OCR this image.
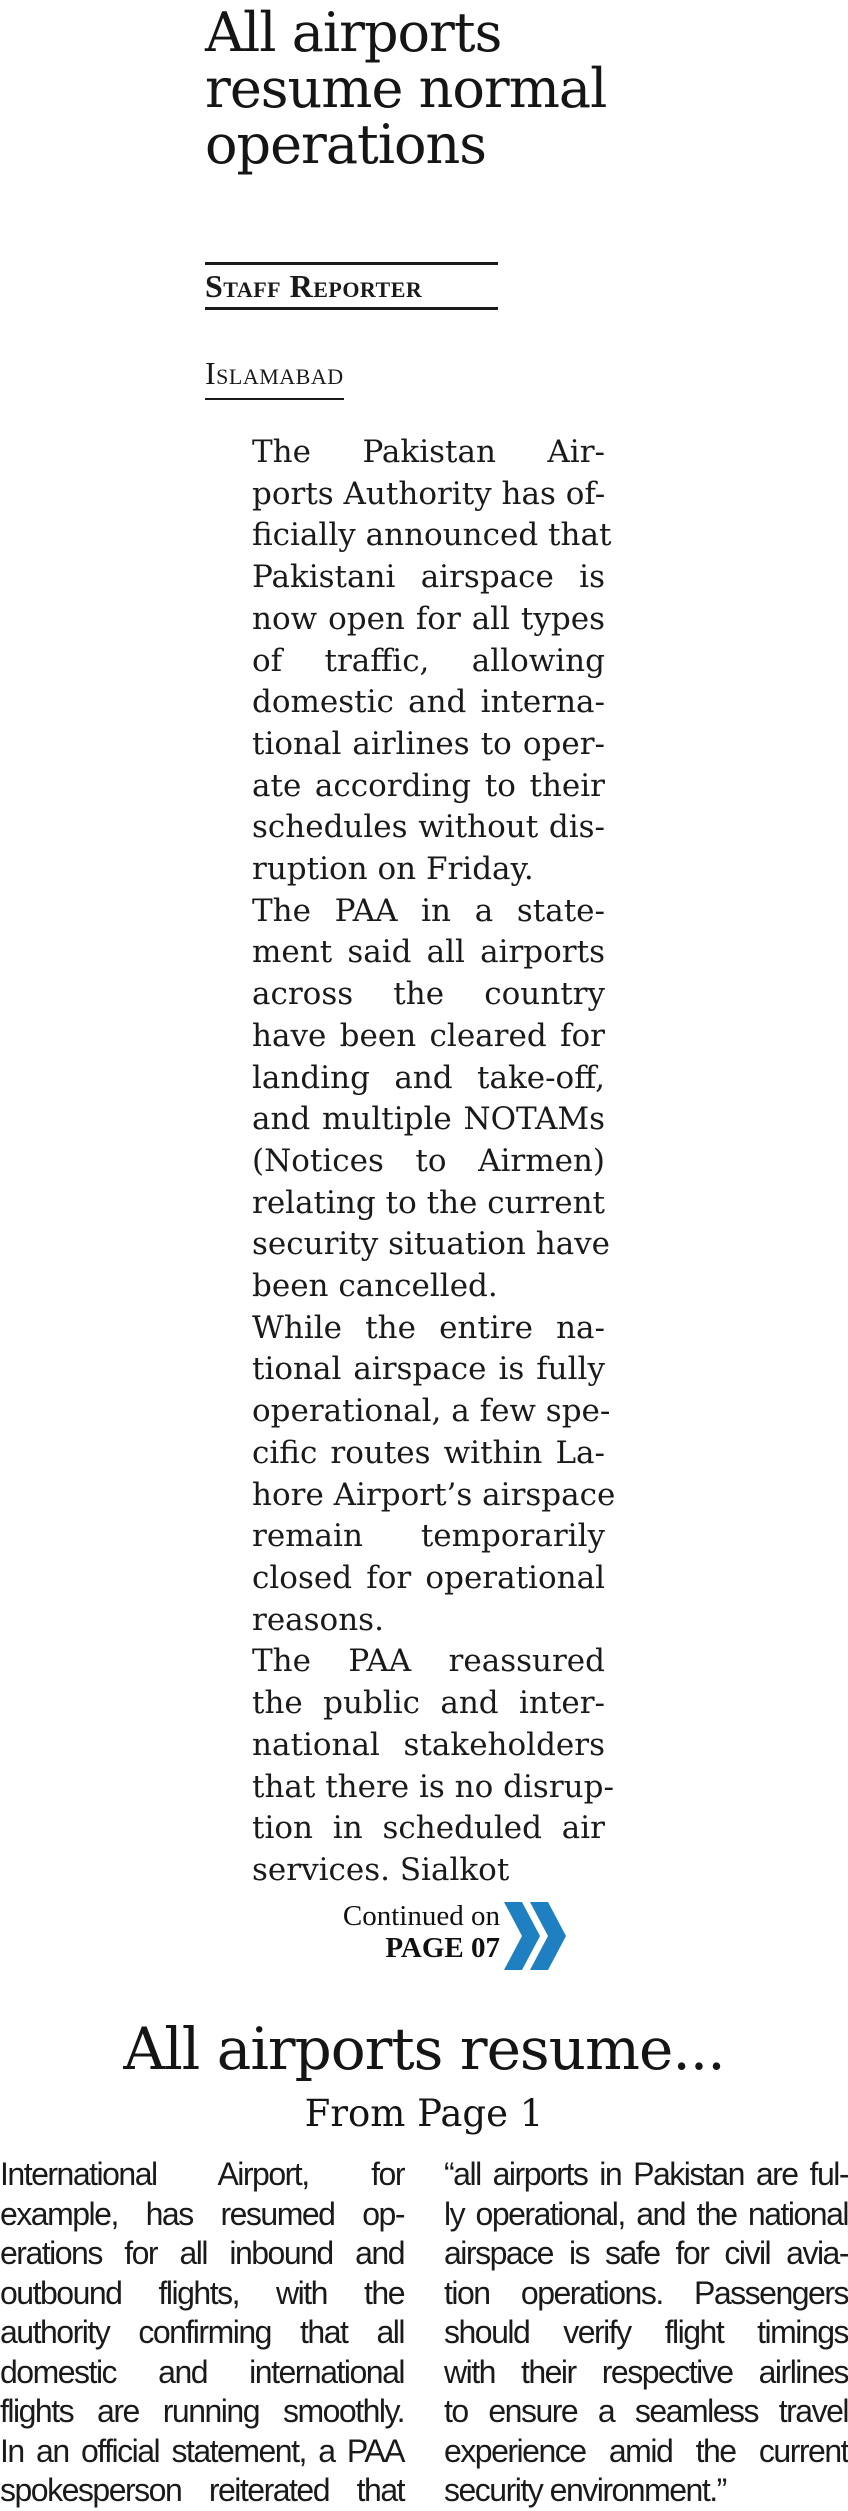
All airports
resume normal
operations
Staff Reporter
Islamabad

The Pakistan Air-
ports Authority has of-
ficially announced that
Pakistani airspace is
now open for all types
of traffic, allowing
domestic and interna-
tional airlines to oper-
ate according to their
schedules without dis-
ruption on Friday.

The PAA in a state-
ment said all airports
across the country
have been cleared for
landing and take-off,
and multiple NOTAMs
(Notices to Airmen)
relating to the current
security situation have
been cancelled.

While the entire na-
tional airspace is fully
operational, a few spe-
cific routes within La-
hore Airport’s airspace
remain temporarily
closed for operational
reasons.

The PAA reassured
the public and inter-
national stakeholders
that there is no disrup-
tion in scheduled air
services. Sialkot

Continued on
PAGE 07
All airports resume...
From Page 1
International Airport, for
example, has resumed op-
erations for all inbound and
outbound flights, with the
authority confirming that all
domestic and international
flights are running smoothly.
In an official statement, a PAA
spokesperson reiterated that
“all airports in Pakistan are ful-
ly operational, and the national
airspace is safe for civil avia-
tion operations. Passengers
should verify flight timings
with their respective airlines
to ensure a seamless travel
experience amid the current
security environment.”
